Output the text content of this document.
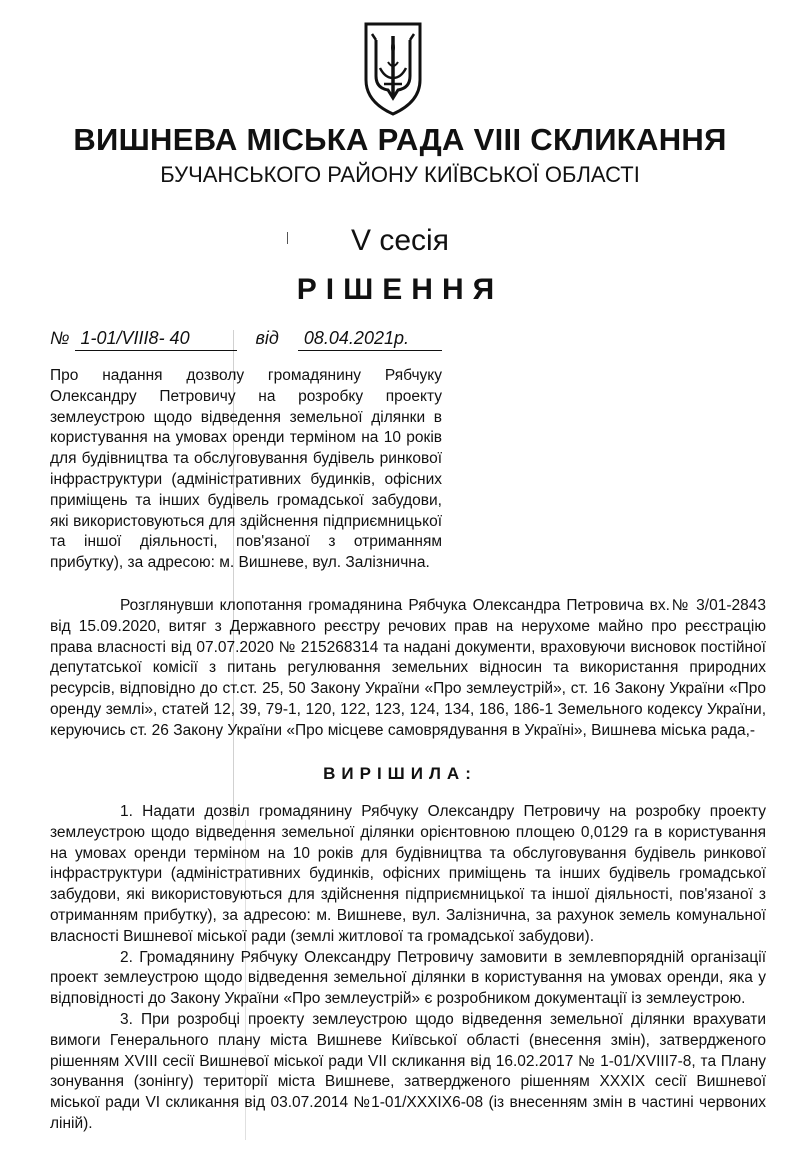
ВИШНЕВА МІСЬКА РАДА VIII СКЛИКАННЯ
БУЧАНСЬКОГО РАЙОНУ КИЇВСЬКОЇ ОБЛАСТІ
V сесія
РІШЕННЯ
№ 1-01/VIII8- 40	від 08.04.2021р.
Про надання дозволу громадянину Рябчуку Олександру Петровичу на розробку проекту землеустрою щодо відведення земельної ділянки в користування на умовах оренди терміном на 10 років для будівництва та обслуговування будівель ринкової інфраструктури (адміністративних будинків, офісних приміщень та інших будівель громадської забудови, які використовуються для здійснення підприємницької та іншої діяльності, пов'язаної з отриманням прибутку), за адресою: м. Вишневе, вул. Залізнична.
Розглянувши клопотання громадянина Рябчука Олександра Петровича вх.№ 3/01-2843 від 15.09.2020, витяг з Державного реєстру речових прав на нерухоме майно про реєстрацію права власності від 07.07.2020 № 215268314 та надані документи, враховуючи висновок постійної депутатської комісії з питань регулювання земельних відносин та використання природних ресурсів, відповідно до ст.ст. 25, 50 Закону України «Про землеустрій», ст. 16 Закону України «Про оренду землі», статей 12, 39, 79-1, 120, 122, 123, 124, 134, 186, 186-1 Земельного кодексу України, керуючись ст. 26 Закону України «Про місцеве самоврядування в Україні», Вишнева міська рада,-
ВИРІШИЛА:

1. Надати дозвіл громадянину Рябчуку Олександру Петровичу на розробку проекту землеустрою щодо відведення земельної ділянки орієнтовною площею 0,0129 га в користування на умовах оренди терміном на 10 років для будівництва та обслуговування будівель ринкової інфраструктури (адміністративних будинків, офісних приміщень та інших будівель громадської забудови, які використовуються для здійснення підприємницької та іншої діяльності, пов'язаної з отриманням прибутку), за адресою: м. Вишневе, вул. Залізнична, за рахунок земель комунальної власності Вишневої міської ради (землі житлової та громадської забудови).

2. Громадянину Рябчуку Олександру Петровичу замовити в землевпорядній організації проект землеустрою щодо відведення земельної ділянки в користування на умовах оренди, яка у відповідності до Закону України «Про землеустрій» є розробником документації із землеустрою.

3. При розробці проекту землеустрою щодо відведення земельної ділянки врахувати вимоги Генерального плану міста Вишневе Київської області (внесення змін), затвердженого рішенням XVIII сесії Вишневої міської ради VII скликання від 16.02.2017 № 1-01/XVIII7-8, та Плану зонування (зонінгу) території міста Вишневе, затвердженого рішенням XXXIX сесії Вишневої міської ради VI скликання від 03.07.2014 №1-01/XXXIX6-08 (із внесенням змін в частині червоних ліній).
